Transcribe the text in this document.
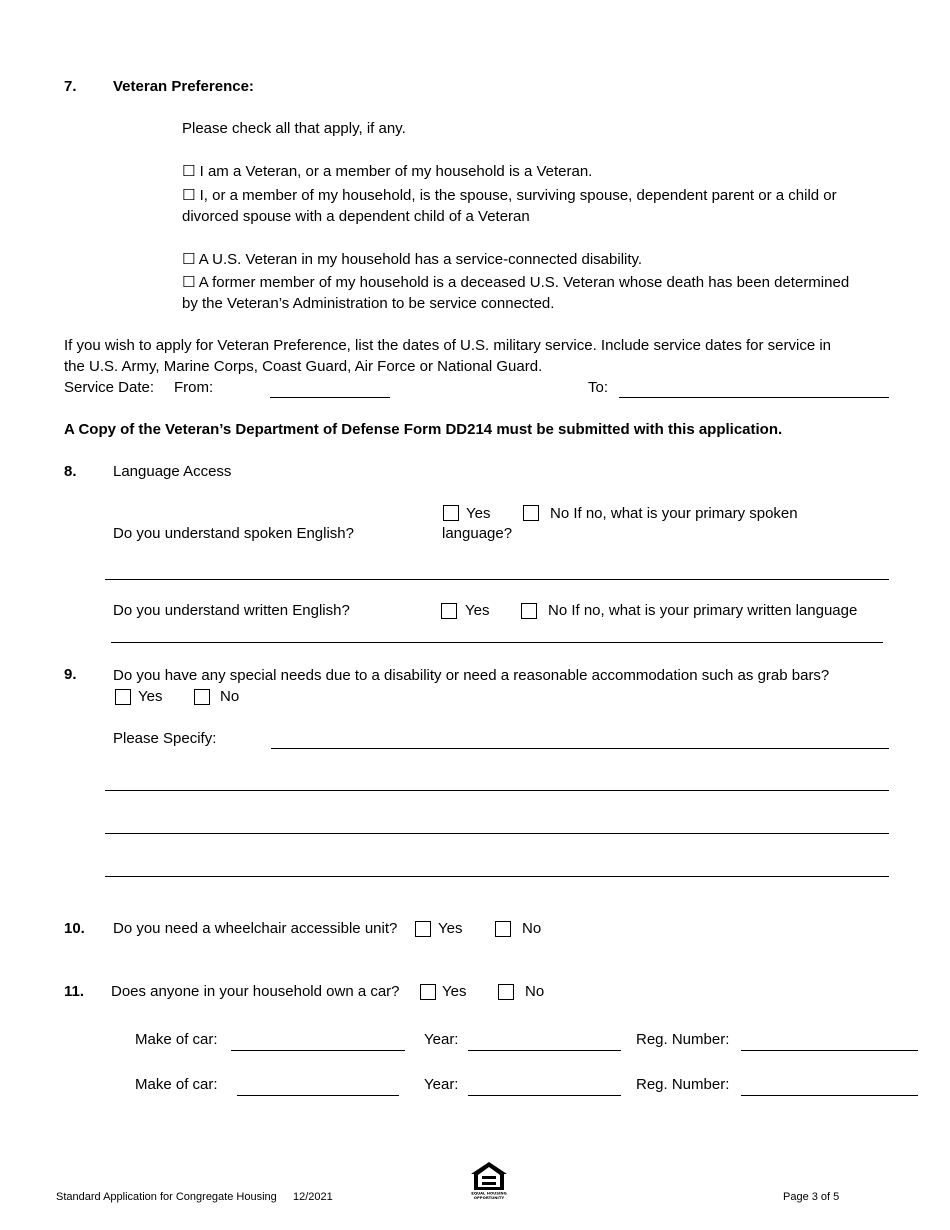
7. Veteran Preference:
Please check all that apply, if any.
☐ I am a Veteran, or a member of my household is a Veteran.
☐ I, or a member of my household, is the spouse, surviving spouse, dependent parent or a child or
divorced spouse with a dependent child of a Veteran
☐ A U.S. Veteran in my household has a service-connected disability.
☐ A former member of my household is a deceased U.S. Veteran whose death has been determined
by the Veteran’s Administration to be service connected.
If you wish to apply for Veteran Preference, list the dates of U.S. military service. Include service dates for service in
the U.S. Army, Marine Corps, Coast Guard, Air Force or National Guard.
Service Date: From:	To:
A Copy of the Veteran’s Department of Defense Form DD214 must be submitted with this application.
8. Language Access
Do you understand spoken English?
Yes	No If no, what is your primary spoken
language?
Do you understand written English?	Yes	No If no, what is your primary written language
9. Do you have any special needs due to a disability or need a reasonable accommodation such as grab bars?
Yes	No
Please Specify:
10. Do you need a wheelchair accessible unit?	Yes	No
11. Does anyone in your household own a car?	Yes	No
Make of car:	Year:	Reg. Number:
Make of car:	Year:	Reg. Number:
Standard Application for Congregate Housing 12/2021	Page 3 of 5
EQUAL HOUSING
OPPORTUNITY
